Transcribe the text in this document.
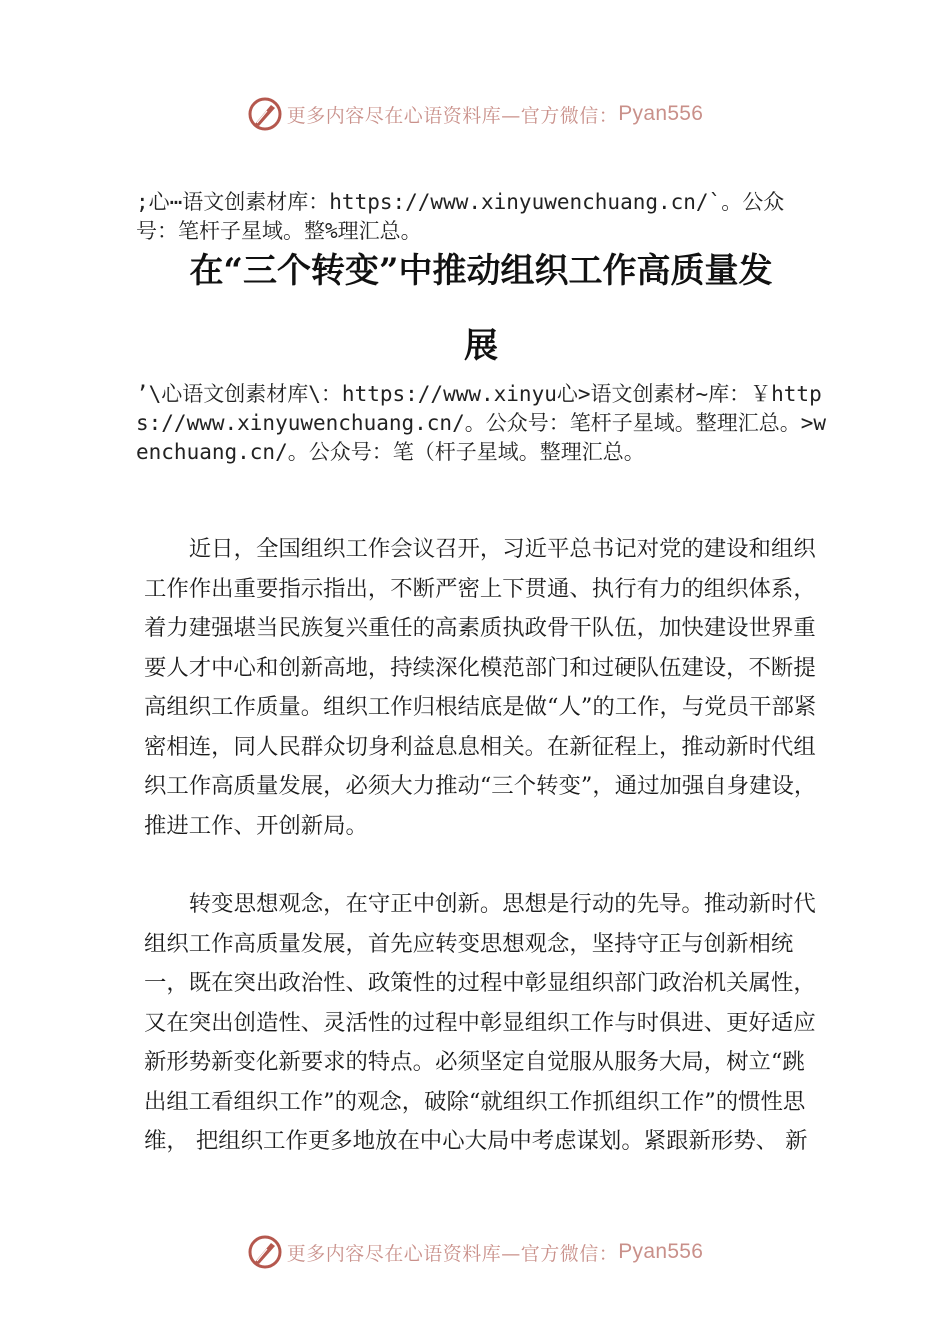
更多内容尽在心语资料库—官方微信： Pyan556
;心⋯语文创素材库：https://www.xinyuwenchuang.cn/`。公众号：笔杆子星域。整%理汇总。
在“三个转变”中推动组织工作高质量发
展
’\心语文创素材库\：https://www.xinyu心>语文创素材~库：￥https://www.xinyuwenchuang.cn/。公众号：笔杆子星域。整理汇总。>wenchuang.cn/。公众号：笔（杆子星域。整理汇总。

近日，全国组织工作会议召开，习近平总书记对党的建设和组织工作作出重要指示指出，不断严密上下贯通、执行有力的组织体系，着力建强堪当民族复兴重任的高素质执政骨干队伍，加快建设世界重要人才中心和创新高地，持续深化模范部门和过硬队伍建设，不断提高组织工作质量。组织工作归根结底是做“人”的工作，与党员干部紧密相连，同人民群众切身利益息息相关。在新征程上，推动新时代组织工作高质量发展，必须大力推动“三个转变”，通过加强自身建设，推进工作、开创新局。

转变思想观念，在守正中创新。思想是行动的先导。推动新时代组织工作高质量发展，首先应转变思想观念，坚持守正与创新相统一，既在突出政治性、政策性的过程中彰显组织部门政治机关属性，又在突出创造性、灵活性的过程中彰显组织工作与时俱进、更好适应新形势新变化新要求的特点。必须坚定自觉服从服务大局，树立“跳出组工看组织工作”的观念，破除“就组织工作抓组织工作”的惯性思维， 把组织工作更多地放在中心大局中考虑谋划。紧跟新形势、 新

更多内容尽在心语资料库—官方微信： Pyan556
